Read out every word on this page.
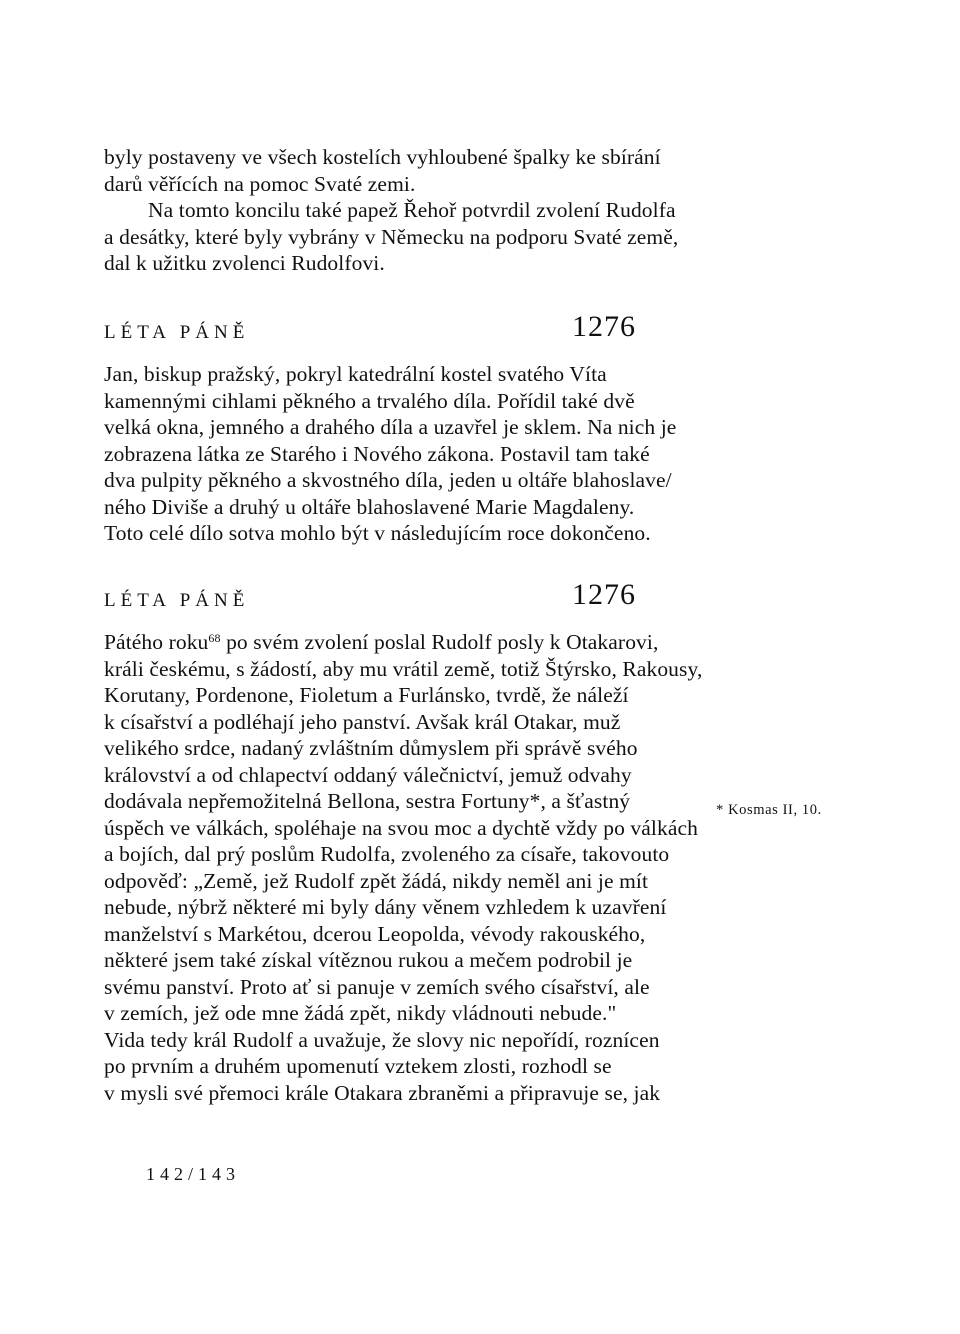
byly postaveny ve všech kostelích vyhloubené špalky ke sbírání
darů věřících na pomoc Svaté zemi.
Na tomto koncilu také papež Řehoř potvrdil zvolení Rudolfa
a desátky, které byly vybrány v Německu na podporu Svaté země,
dal k užitku zvolenci Rudolfovi.
LÉTA PÁNĚ	1276
Jan, biskup pražský, pokryl katedrální kostel svatého Víta
kamennými cihlami pěkného a trvalého díla. Pořídil také dvě
velká okna, jemného a drahého díla a uzavřel je sklem. Na nich je
zobrazena látka ze Starého i Nového zákona. Postavil tam také
dva pulpity pěkného a skvostného díla, jeden u oltáře blahoslave/
ného Diviše a druhý u oltáře blahoslavené Marie Magdaleny.
Toto celé dílo sotva mohlo být v následujícím roce dokončeno.
LÉTA PÁNĚ	1276
Pátého roku$^{68}$ po svém zvolení poslal Rudolf posly k Otakarovi,
králi českému, s žádostí, aby mu vrátil země, totiž Štýrsko, Rakousy,
Korutany, Pordenone, Fioletum a Furlánsko, tvrdě, že náleží
k císařství a podléhají jeho panství. Avšak král Otakar, muž
velikého srdce, nadaný zvláštním důmyslem při správě svého
království a od chlapectví oddaný válečnictví, jemuž odvahy
dodávala nepřemožitelná Bellona, sestra Fortuny*, a šťastný
úspěch ve válkách, spoléhaje na svou moc a dychtě vždy po válkách
a bojích, dal prý poslům Rudolfa, zvoleného za císaře, takovouto
odpověď: „Země, jež Rudolf zpět žádá, nikdy neměl ani je mít
nebude, nýbrž některé mi byly dány věnem vzhledem k uzavření
manželství s Markétou, dcerou Leopolda, vévody rakouského,
některé jsem také získal vítěznou rukou a mečem podrobil je
svému panství. Proto ať si panuje v zemích svého císařství, ale
v zemích, jež ode mne žádá zpět, nikdy vládnouti nebude."
Vida tedy král Rudolf a uvažuje, že slovy nic nepořídí, roznícen
po prvním a druhém upomenutí vztekem zlosti, rozhodl se
v mysli své přemoci krále Otakara zbraněmi a připravuje se, jak
* Kosmas II, 10.
142/143
